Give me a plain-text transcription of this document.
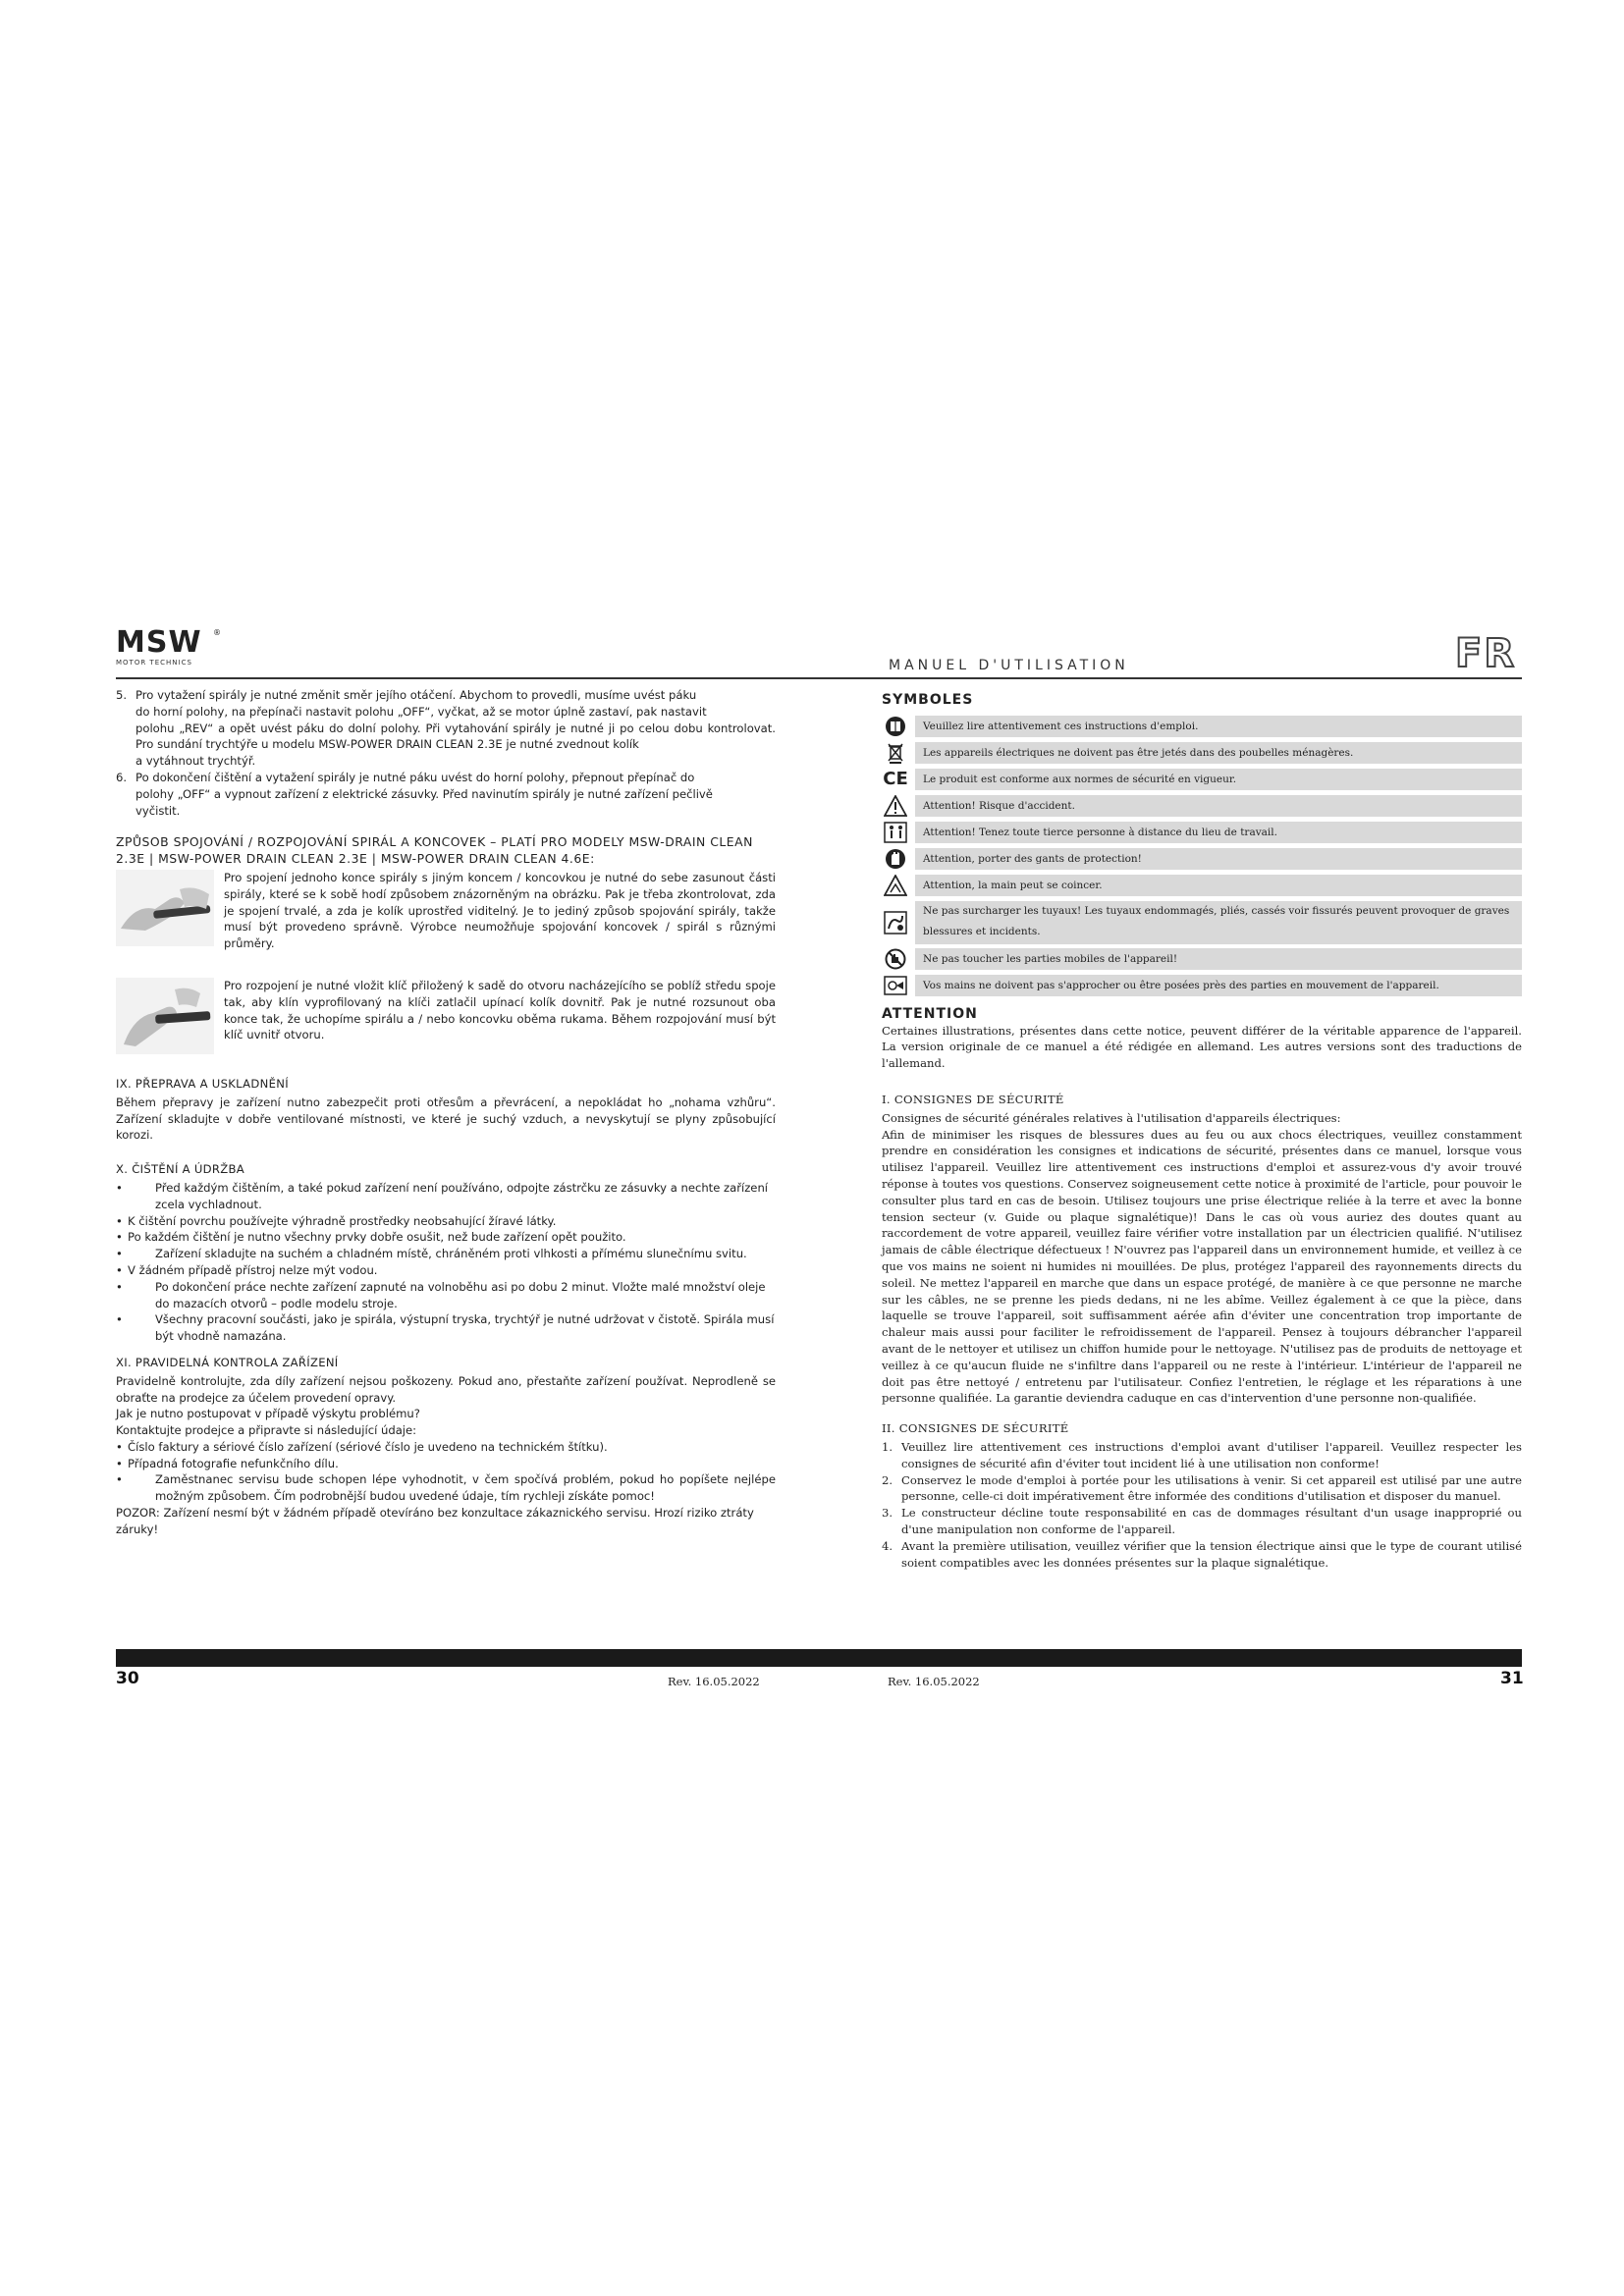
MSW	®
MOTOR TECHNICS	MANUEL D'UTILISATION	FR
5. Pro vytažení spirály je nutné změnit směr jejího otáčení. Abychom to provedli, musíme uvést páku

do horní polohy, na přepínači nastavit polohu „OFF“, vyčkat, až se motor úplně zastaví, pak nastavit

polohu „REV“ a opět uvést páku do dolní polohy. Při vytahování spirály je nutné ji po celou dobu kontrolovat. Pro sundání trychtýře u modelu MSW-POWER DRAIN CLEAN 2.3E je nutné zvednout kolík

a vytáhnout trychtýř.

6. Po dokončení čištění a vytažení spirály je nutné páku uvést do horní polohy, přepnout přepínač do

polohy „OFF“ a vypnout zařízení z elektrické zásuvky. Před navinutím spirály je nutné zařízení pečlivě

vyčistit.

ZPŮSOB SPOJOVÁNÍ / ROZPOJOVÁNÍ SPIRÁL A KONCOVEK – PLATÍ PRO MODELY MSW-DRAIN CLEAN 2.3E | MSW-POWER DRAIN CLEAN 2.3E | MSW-POWER DRAIN CLEAN 4.6E:

Pro spojení jednoho konce spirály s jiným koncem / koncovkou je nutné do sebe zasunout části spirály, které se k sobě hodí způsobem znázorněným na obrázku. Pak je třeba zkontrolovat, zda je spojení trvalé, a zda je kolík uprostřed viditelný. Je to jediný způsob spojování spirály, takže musí být provedeno správně. Výrobce neumožňuje spojování koncovek / spirál s různými průměry.
Pro rozpojení je nutné vložit klíč přiložený k sadě do otvoru nacházejícího se poblíž středu spoje tak, aby klín vyprofilovaný na klíči zatlačil upínací kolík dovnitř. Pak je nutné rozsunout oba konce tak, že uchopíme spirálu a / nebo koncovku oběma rukama. Během rozpojování musí být klíč uvnitř otvoru.

IX. PŘEPRAVA A USKLADNĚNÍ

Během přepravy je zařízení nutno zabezpečit proti otřesům a převrácení, a nepokládat ho „nohama vzhůru“. Zařízení skladujte v dobře ventilované místnosti, ve které je suchý vzduch, a nevyskytují se plyny způsobující korozi.

X. ČIŠTĚNÍ A ÚDRŽBA

• Před každým čištěním, a také pokud zařízení není používáno, odpojte zástrčku ze zásuvky a nechte zařízení zcela vychladnout.

• K čištění povrchu používejte výhradně prostředky neobsahující žíravé látky.

• Po každém čištění je nutno všechny prvky dobře osušit, než bude zařízení opět použito.

• Zařízení skladujte na suchém a chladném místě, chráněném proti vlhkosti a přímému slunečnímu svitu.

• V žádném případě přístroj nelze mýt vodou.

• Po dokončení práce nechte zařízení zapnuté na volnoběhu asi po dobu 2 minut. Vložte malé množství oleje do mazacích otvorů – podle modelu stroje.

• Všechny pracovní součásti, jako je spirála, výstupní tryska, trychtýř je nutné udržovat v čistotě. Spirála musí být vhodně namazána.

XI. PRAVIDELNÁ KONTROLA ZAŘÍZENÍ

Pravidelně kontrolujte, zda díly zařízení nejsou poškozeny. Pokud ano, přestaňte zařízení používat. Neprodleně se obraťte na prodejce za účelem provedení opravy.

Jak je nutno postupovat v případě výskytu problému?

Kontaktujte prodejce a připravte si následující údaje:

• Číslo faktury a sériové číslo zařízení (sériové číslo je uvedeno na technickém štítku).

• Případná fotografie nefunkčního dílu.

• Zaměstnanec servisu bude schopen lépe vyhodnotit, v čem spočívá problém, pokud ho popíšete nejlépe možným způsobem. Čím podrobnější budou uvedené údaje, tím rychleji získáte pomoc!

POZOR: Zařízení nesmí být v žádném případě otevíráno bez konzultace zákaznického servisu. Hrozí riziko ztráty záruky!

SYMBOLES
Veuillez lire attentivement ces instructions d'emploi.
Les appareils électriques ne doivent pas être jetés dans des poubelles ménagères.
CE	Le produit est conforme aux normes de sécurité en vigueur.
Attention! Risque d'accident.
Attention! Tenez toute tierce personne à distance du lieu de travail.
Attention, porter des gants de protection!
Attention, la main peut se coincer.
Ne pas surcharger les tuyaux! Les tuyaux endommagés, pliés, cassés voir fissurés peuvent provoquer de graves blessures et incidents.
Ne pas toucher les parties mobiles de l'appareil!
Vos mains ne doivent pas s'approcher ou être posées près des parties en mouvement de l'appareil.
ATTENTION

Certaines illustrations, présentes dans cette notice, peuvent différer de la véritable apparence de l'appareil. La version originale de ce manuel a été rédigée en allemand. Les autres versions sont des traductions de l'allemand.

I. CONSIGNES DE SÉCURITÉ

Consignes de sécurité générales relatives à l'utilisation d'appareils électriques:

Afin de minimiser les risques de blessures dues au feu ou aux chocs électriques, veuillez constamment prendre en considération les consignes et indications de sécurité, présentes dans ce manuel, lorsque vous utilisez l'appareil. Veuillez lire attentivement ces instructions d'emploi et assurez-vous d'y avoir trouvé réponse à toutes vos questions. Conservez soigneusement cette notice à proximité de l'article, pour pouvoir le consulter plus tard en cas de besoin. Utilisez toujours une prise électrique reliée à la terre et avec la bonne tension secteur (v. Guide ou plaque signalétique)! Dans le cas où vous auriez des doutes quant au raccordement de votre appareil, veuillez faire vérifier votre installation par un électricien qualifié. N'utilisez jamais de câble électrique défectueux ! N'ouvrez pas l'appareil dans un environnement humide, et veillez à ce que vos mains ne soient ni humides ni mouillées. De plus, protégez l'appareil des rayonnements directs du soleil. Ne mettez l'appareil en marche que dans un espace protégé, de manière à ce que personne ne marche sur les câbles, ne se prenne les pieds dedans, ni ne les abîme. Veillez également à ce que la pièce, dans laquelle se trouve l'appareil, soit suffisamment aérée afin d'éviter une concentration trop importante de chaleur mais aussi pour faciliter le refroidissement de l'appareil. Pensez à toujours débrancher l'appareil avant de le nettoyer et utilisez un chiffon humide pour le nettoyage. N'utilisez pas de produits de nettoyage et veillez à ce qu'aucun fluide ne s'infiltre dans l'appareil ou ne reste à l'intérieur. L'intérieur de l'appareil ne doit pas être nettoyé / entretenu par l'utilisateur. Confiez l'entretien, le réglage et les réparations à une personne qualifiée. La garantie deviendra caduque en cas d'intervention d'une personne non-qualifiée.

II. CONSIGNES DE SÉCURITÉ

1. Veuillez lire attentivement ces instructions d'emploi avant d'utiliser l'appareil. Veuillez respecter les consignes de sécurité afin d'éviter tout incident lié à une utilisation non conforme!
2. Conservez le mode d'emploi à portée pour les utilisations à venir. Si cet appareil est utilisé par une autre personne, celle-ci doit impérativement être informée des conditions d'utilisation et disposer du manuel.
3. Le constructeur décline toute responsabilité en cas de dommages résultant d'un usage inapproprié ou d'une manipulation non conforme de l'appareil.
4. Avant la première utilisation, veuillez vérifier que la tension électrique ainsi que le type de courant utilisé soient compatibles avec les données présentes sur la plaque signalétique.
30	31
Rev. 16.05.2022	Rev. 16.05.2022
